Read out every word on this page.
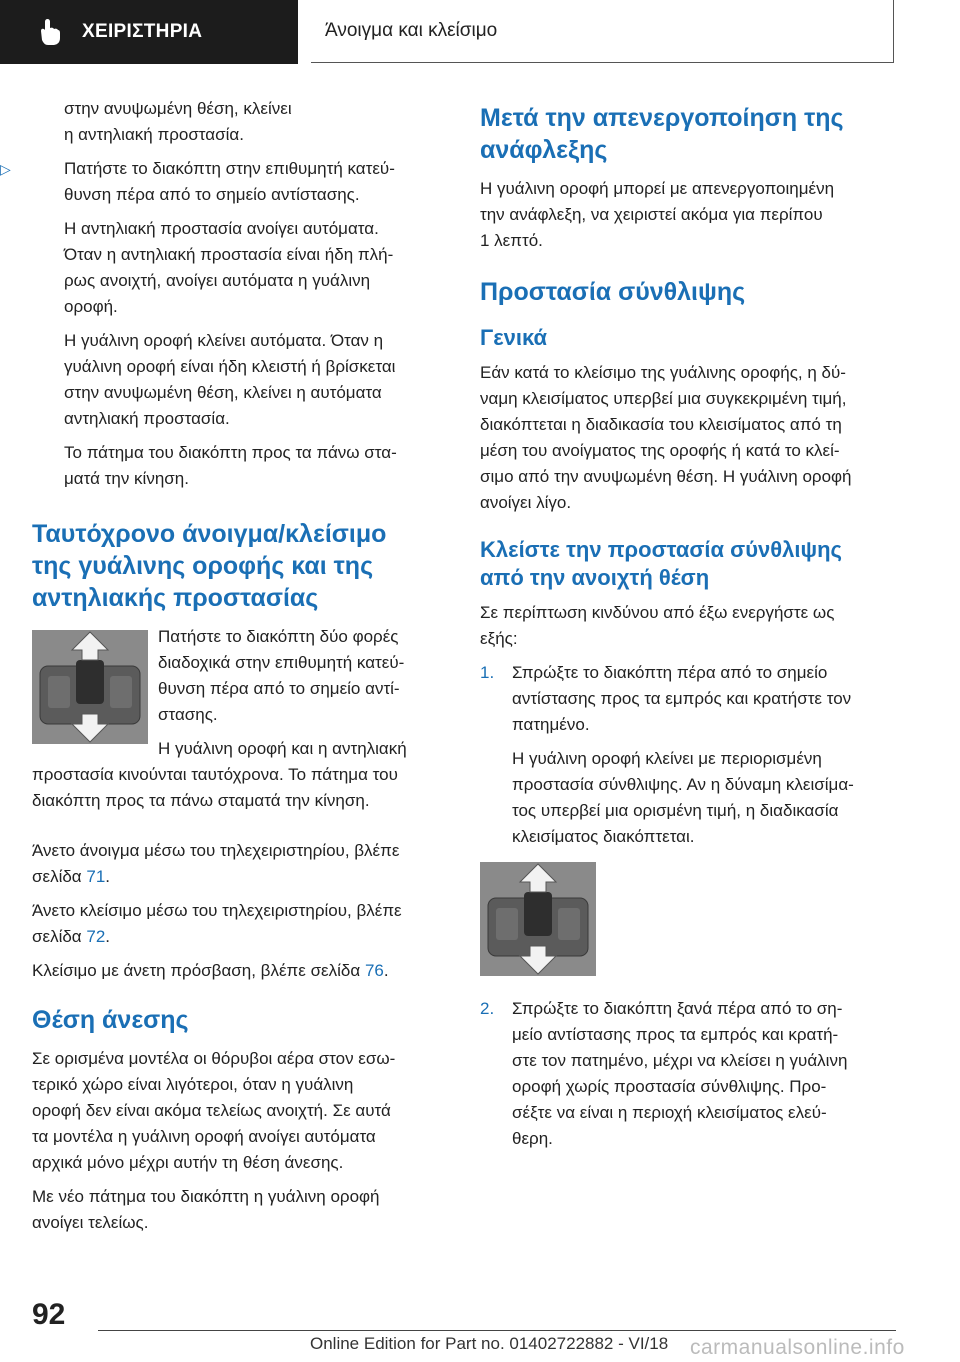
ΧΕΙΡΙΣΤΗΡΙΑ	Άνοιγμα και κλείσιμο

στην ανυψωμένη θέση, κλείνει
η αντηλιακή προστασία.

▷	Πατήστε το διακόπτη στην επιθυμητή κατεύ-
θυνση πέρα από το σημείο αντίστασης.

Η αντηλιακή προστασία ανοίγει αυτόματα.
Όταν η αντηλιακή προστασία είναι ήδη πλή-
ρως ανοιχτή, ανοίγει αυτόματα η γυάλινη
οροφή.

Η γυάλινη οροφή κλείνει αυτόματα. Όταν η
γυάλινη οροφή είναι ήδη κλειστή ή βρίσκεται
στην ανυψωμένη θέση, κλείνει η αυτόματα
αντηλιακή προστασία.

Το πάτημα του διακόπτη προς τα πάνω στα-
ματά την κίνηση.

Ταυτόχρονο άνοιγμα/κλείσιμο
της γυάλινης οροφής και της
αντηλιακής προστασίας

Πατήστε το διακόπτη δύο φορές
διαδοχικά στην επιθυμητή κατεύ-
θυνση πέρα από το σημείο αντί-
στασης.

Η γυάλινη οροφή και η αντηλιακή

προστασία κινούνται ταυτόχρονα. Το πάτημα του
διακόπτη προς τα πάνω σταματά την κίνηση.

Άνετο άνοιγμα μέσω του τηλεχειριστηρίου, βλέπε
σελίδα 71.

Άνετο κλείσιμο μέσω του τηλεχειριστηρίου, βλέπε
σελίδα 72.

Κλείσιμο με άνετη πρόσβαση, βλέπε σελίδα 76.

Θέση άνεσης

Σε ορισμένα μοντέλα οι θόρυβοι αέρα στον εσω-
τερικό χώρο είναι λιγότεροι, όταν η γυάλινη
οροφή δεν είναι ακόμα τελείως ανοιχτή. Σε αυτά
τα μοντέλα η γυάλινη οροφή ανοίγει αυτόματα
αρχικά μόνο μέχρι αυτήν τη θέση άνεσης.

Με νέο πάτημα του διακόπτη η γυάλινη οροφή
ανοίγει τελείως.

Μετά την απενεργοποίηση της
ανάφλεξης

Η γυάλινη οροφή μπορεί με απενεργοποιημένη
την ανάφλεξη, να χειριστεί ακόμα για περίπου
1 λεπτό.

Προστασία σύνθλιψης
Γενικά

Εάν κατά το κλείσιμο της γυάλινης οροφής, η δύ-
ναμη κλεισίματος υπερβεί μια συγκεκριμένη τιμή,
διακόπτεται η διαδικασία του κλεισίματος από τη
μέση του ανοίγματος της οροφής ή κατά το κλεί-
σιμο από την ανυψωμένη θέση. Η γυάλινη οροφή
ανοίγει λίγο.

Κλείστε την προστασία σύνθλιψης
από την ανοιχτή θέση

Σε περίπτωση κινδύνου από έξω ενεργήστε ως
εξής:

1. Σπρώξτε το διακόπτη πέρα από το σημείο
αντίστασης προς τα εμπρός και κρατήστε τον
πατημένο.

Η γυάλινη οροφή κλείνει με περιορισμένη
προστασία σύνθλιψης. Αν η δύναμη κλεισίμα-
τος υπερβεί μια ορισμένη τιμή, η διαδικασία
κλεισίματος διακόπτεται.

2. Σπρώξτε το διακόπτη ξανά πέρα από το ση-
μείο αντίστασης προς τα εμπρός και κρατή-
στε τον πατημένο, μέχρι να κλείσει η γυάλινη
οροφή χωρίς προστασία σύνθλιψης. Προ-
σέξτε να είναι η περιοχή κλεισίματος ελεύ-
θερη.

92
Online Edition for Part no. 01402722882 - VI/18 carmanualsonline.info
